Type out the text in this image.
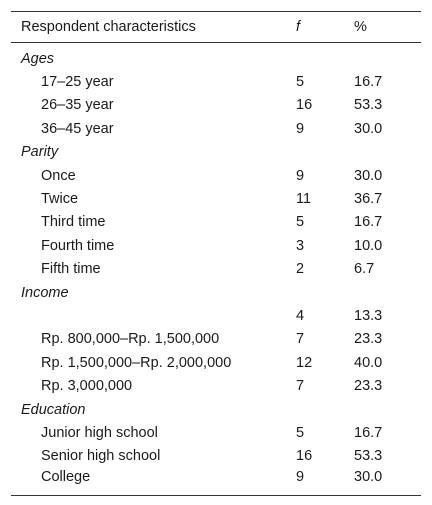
Respondent characteristics	f	%
Ages		
17–25 year	5	16.7
26–35 year	16	53.3
36–45 year	9	30.0
Parity		
Once	9	30.0
Twice	11	36.7
Third time	5	16.7
Fourth time	3	10.0
Fifth time	2	6.7
Income		
	4	13.3
Rp. 800,000–Rp. 1,500,000	7	23.3
Rp. 1,500,000–Rp. 2,000,000	12	40.0
Rp. 3,000,000	7	23.3
Education		
Junior high school	5	16.7
Senior high school	16	53.3
College	9	30.0
